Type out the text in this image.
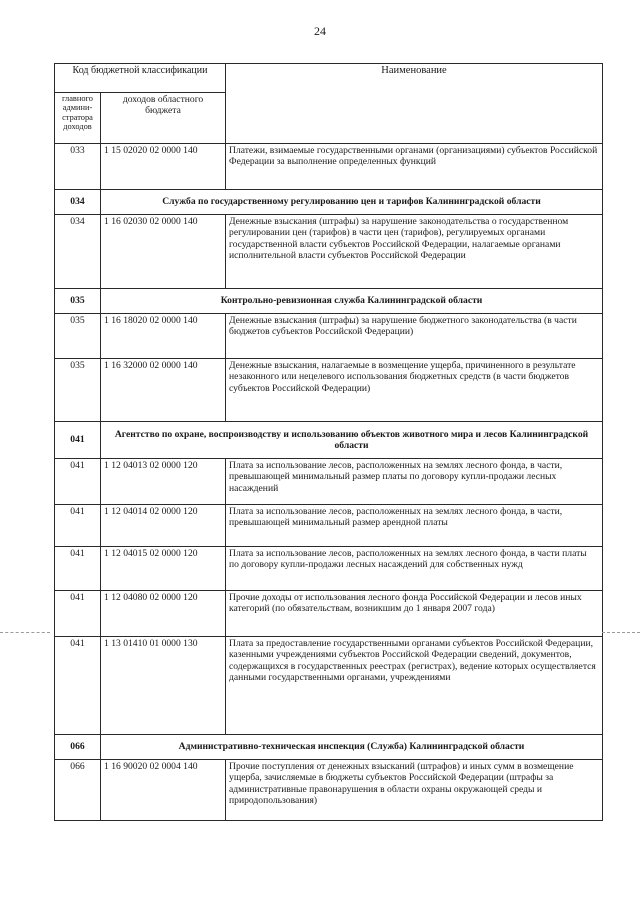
24
Код бюджетной классификации		Наименование
главного админи-стратора доходов	доходов областного бюджета	
033	1 15 02020 02 0000 140	Платежи, взимаемые государственными органами (организациями) субъектов Российской Федерации за выполнение определенных функций
034	Служба по государственному регулированию цен и тарифов Калининградской области	
034	1 16 02030 02 0000 140	Денежные взыскания (штрафы) за нарушение законодательства о государственном регулировании цен (тарифов) в части цен (тарифов), регулируемых органами государственной власти субъектов Российской Федерации, налагаемые органами исполнительной власти субъектов Российской Федерации
035	Контрольно-ревизионная служба Калининградской области	
035	1 16 18020 02 0000 140	Денежные взыскания (штрафы) за нарушение бюджетного законодательства (в части бюджетов субъектов Российской Федерации)
035	1 16 32000 02 0000 140	Денежные взыскания, налагаемые в возмещение ущерба, причиненного в результате незаконного или нецелевого использования бюджетных средств (в части бюджетов субъектов Российской Федерации)
041	Агентство по охране, воспроизводству и использованию объектов животного мира и лесов Калининградской области	
041	1 12 04013 02 0000 120	Плата за использование лесов, расположенных на землях лесного фонда, в части, превышающей минимальный размер платы по договору купли-продажи лесных насаждений
041	1 12 04014 02 0000 120	Плата за использование лесов, расположенных на землях лесного фонда, в части, превышающей минимальный размер арендной платы
041	1 12 04015 02 0000 120	Плата за использование лесов, расположенных на землях лесного фонда, в части платы по договору купли-продажи лесных насаждений для собственных нужд
041	1 12 04080 02 0000 120	Прочие доходы от использования лесного фонда Российской Федерации и лесов иных категорий (по обязательствам, возникшим до 1 января 2007 года)
041	1 13 01410 01 0000 130	Плата за предоставление государственными органами субъектов Российской Федерации, казенными учреждениями субъектов Российской Федерации сведений, документов, содержащихся в государственных реестрах (регистрах), ведение которых осуществляется данными государственными органами, учреждениями
066	Административно-техническая инспекция (Служба) Калининградской области	
066	1 16 90020 02 0004 140	Прочие поступления от денежных взысканий (штрафов) и иных сумм в возмещение ущерба, зачисляемые в бюджеты субъектов Российской Федерации (штрафы за административные правонарушения в области охраны окружающей среды и природопользования)
